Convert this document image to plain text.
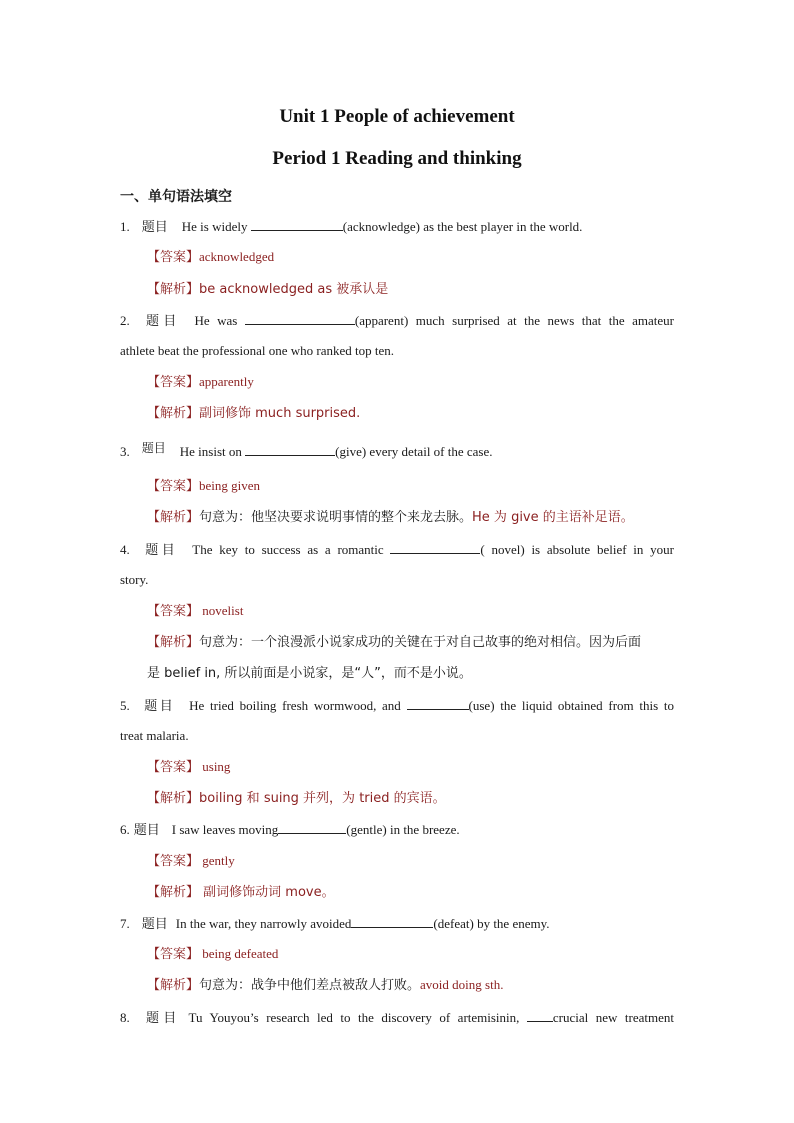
Unit 1 People of achievement
Period 1 Reading and thinking
一、单句语法填空
1. 题目 He is widely	(acknowledge) as the best player in the world.
【答案】acknowledged
【解析】be acknowledged as 被承认是
2. 题目 He was	(apparent) much surprised at the news that the amateur
athlete beat the professional one who ranked top ten.
【答案】apparently
【解析】副词修饰 much surprised.
3. 题目 He insist on	(give) every detail of the case.
【答案】being given
【解析】句意为：他坚决要求说明事情的整个来龙去脉。He 为 give 的主语补足语。
4. 题目 The key to success as a romantic	( novel) is absolute belief in your
story.
【答案】 novelist
【解析】句意为：一个浪漫派小说家成功的关键在于对自己故事的绝对相信。因为后面
是 belief in, 所以前面是小说家，是“人”，而不是小说。
5. 题目 He tried boiling fresh wormwood, and	(use) the liquid obtained from this to
treat malaria.
【答案】 using
【解析】boiling 和 suing 并列，为 tried 的宾语。
6. 题目 I saw leaves moving	(gentle) in the breeze.
【答案】 gently
【解析】 副词修饰动词 move。
7. 题目 In the war, they narrowly avoided	(defeat) by the enemy.
【答案】 being defeated
【解析】句意为：战争中他们差点被敌人打败。avoid doing sth.
8. 题目 Tu Youyou’s research led to the discovery of artemisinin, crucial new treatment
